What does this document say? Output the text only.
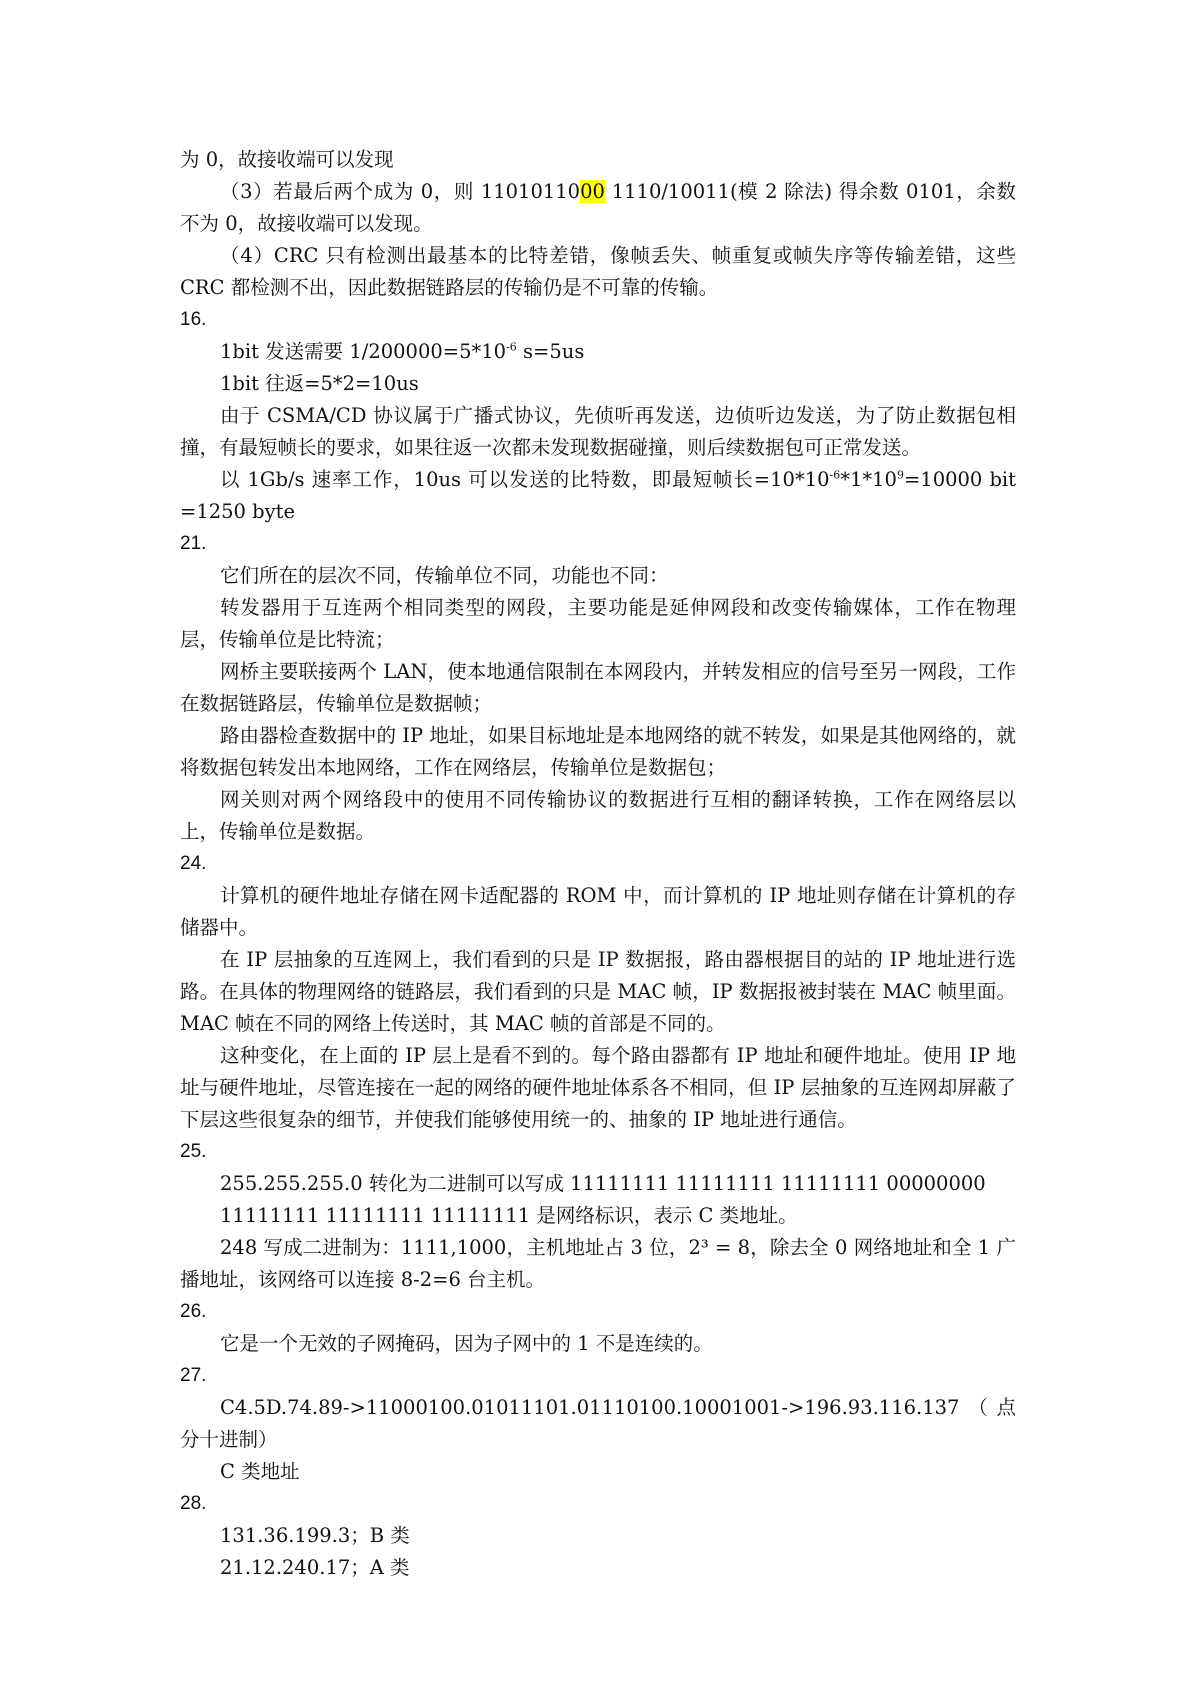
为 0，故接收端可以发现

（3）若最后两个成为 0，则 1101011000 1110/10011(模 2 除法) 得余数 0101，余数不为 0，故接收端可以发现。

（4）CRC 只有检测出最基本的比特差错，像帧丢失、帧重复或帧失序等传输差错，这些 CRC 都检测不出，因此数据链路层的传输仍是不可靠的传输。

16.

1bit 发送需要 $1/200000=5*10^{-6}$ s=5us

1bit 往返=5*2=10us

由于 CSMA/CD 协议属于广播式协议，先侦听再发送，边侦听边发送，为了防止数据包相撞，有最短帧长的要求，如果往返一次都未发现数据碰撞，则后续数据包可正常发送。

以 1Gb/s 速率工作，10us 可以发送的比特数，即最短帧长$=10*10^{-6}*1*10^9=10000$ bit =1250 byte

21.

它们所在的层次不同，传输单位不同，功能也不同：

转发器用于互连两个相同类型的网段，主要功能是延伸网段和改变传输媒体，工作在物理层，传输单位是比特流；

网桥主要联接两个 LAN，使本地通信限制在本网段内，并转发相应的信号至另一网段，工作在数据链路层，传输单位是数据帧；

路由器检查数据中的 IP 地址，如果目标地址是本地网络的就不转发，如果是其他网络的，就将数据包转发出本地网络，工作在网络层，传输单位是数据包；

网关则对两个网络段中的使用不同传输协议的数据进行互相的翻译转换，工作在网络层以上，传输单位是数据。

24.

计算机的硬件地址存储在网卡适配器的 ROM 中，而计算机的 IP 地址则存储在计算机的存储器中。

在 IP 层抽象的互连网上，我们看到的只是 IP 数据报，路由器根据目的站的 IP 地址进行选路。在具体的物理网络的链路层，我们看到的只是 MAC 帧，IP 数据报被封装在 MAC 帧里面。MAC 帧在不同的网络上传送时，其 MAC 帧的首部是不同的。

这种变化，在上面的 IP 层上是看不到的。每个路由器都有 IP 地址和硬件地址。使用 IP 地址与硬件地址，尽管连接在一起的网络的硬件地址体系各不相同，但 IP 层抽象的互连网却屏蔽了下层这些很复杂的细节，并使我们能够使用统一的、抽象的 IP 地址进行通信。

25.

255.255.255.0 转化为二进制可以写成 11111111 11111111 11111111 00000000

11111111 11111111 11111111 是网络标识，表示 C 类地址。

248 写成二进制为：1111,1000，主机地址占 3 位，2³ = 8，除去全 0 网络地址和全 1 广播地址，该网络可以连接 8-2=6 台主机。

26.

它是一个无效的子网掩码，因为子网中的 1 不是连续的。

27.

C4.5D.74.89->11000100.01011101.01110100.10001001->196.93.116.137（点分十进制）

C 类地址

28.

131.36.199.3；B 类

21.12.240.17；A 类
